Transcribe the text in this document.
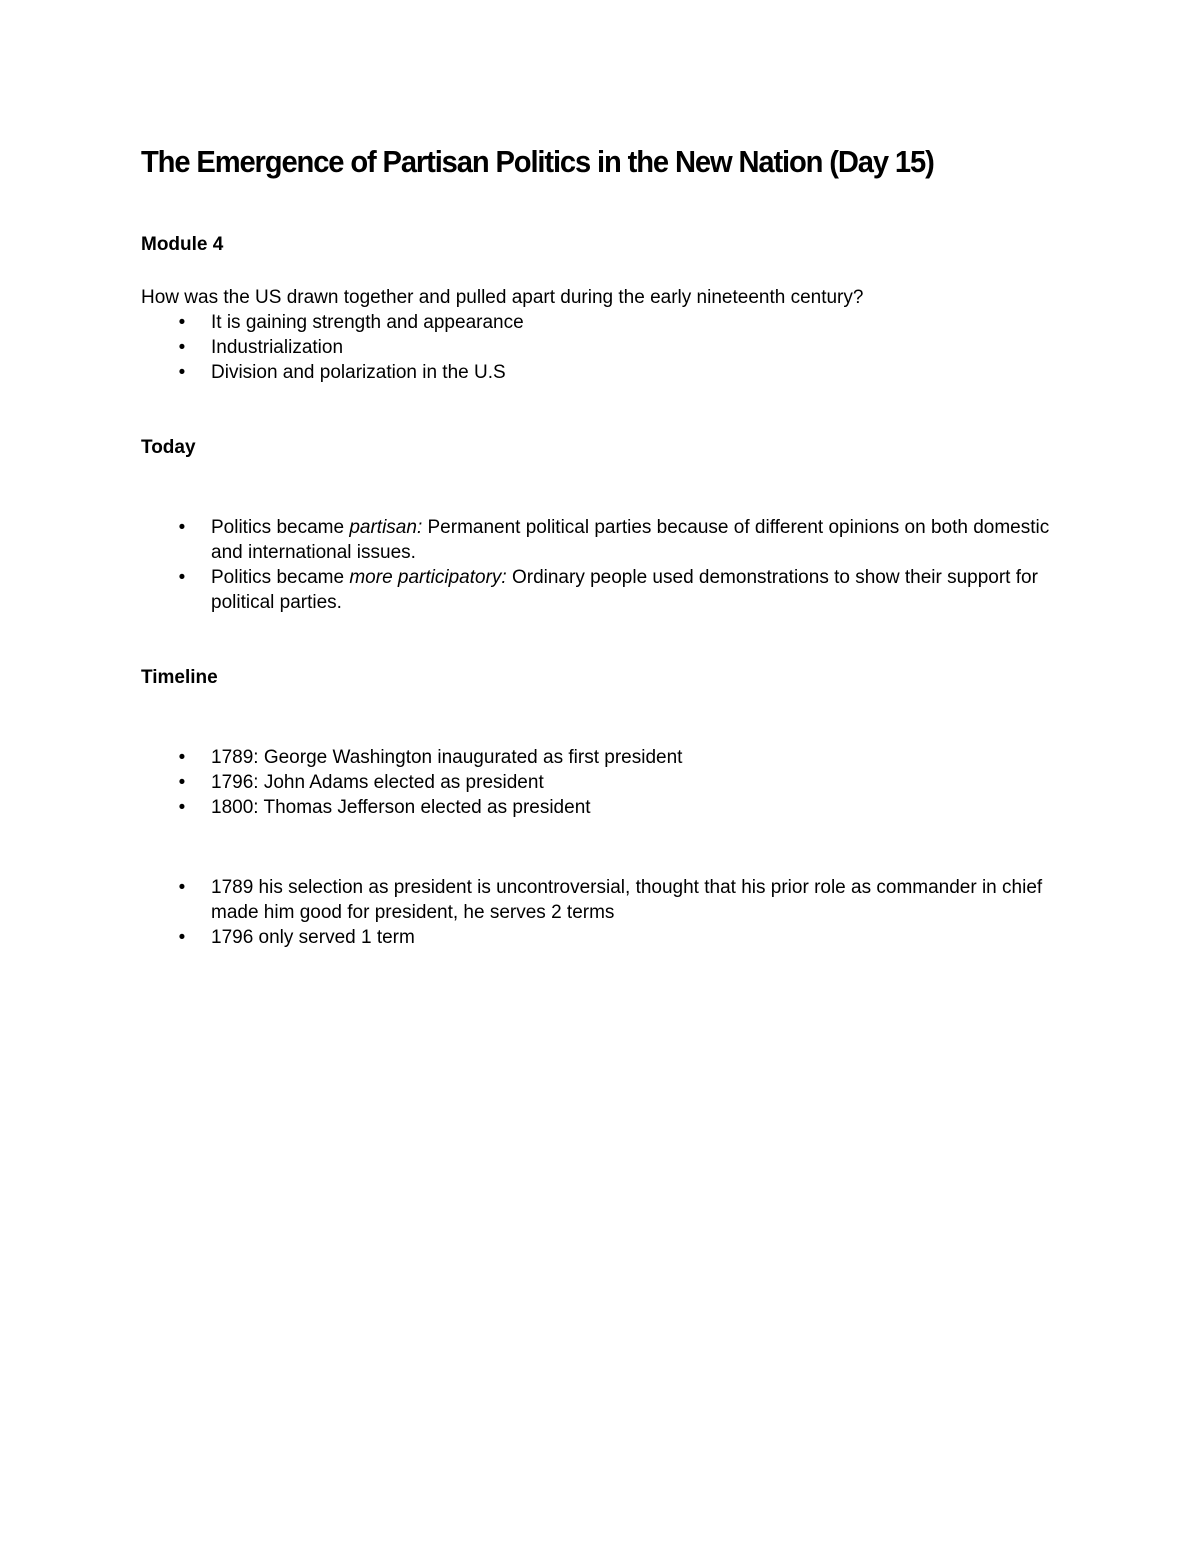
The Emergence of Partisan Politics in the New Nation (Day 15)
Module 4

How was the US drawn together and pulled apart during the early nineteenth century?

• It is gaining strength and appearance
• Industrialization
• Division and polarization in the U.S
Today
• Politics became partisan: Permanent political parties because of different opinions on both domestic and international issues.
• Politics became more participatory: Ordinary people used demonstrations to show their support for political parties.
Timeline
• 1789: George Washington inaugurated as first president
• 1796: John Adams elected as president
• 1800: Thomas Jefferson elected as president
• 1789 his selection as president is uncontroversial, thought that his prior role as commander in chief made him good for president, he serves 2 terms
• 1796 only served 1 term
